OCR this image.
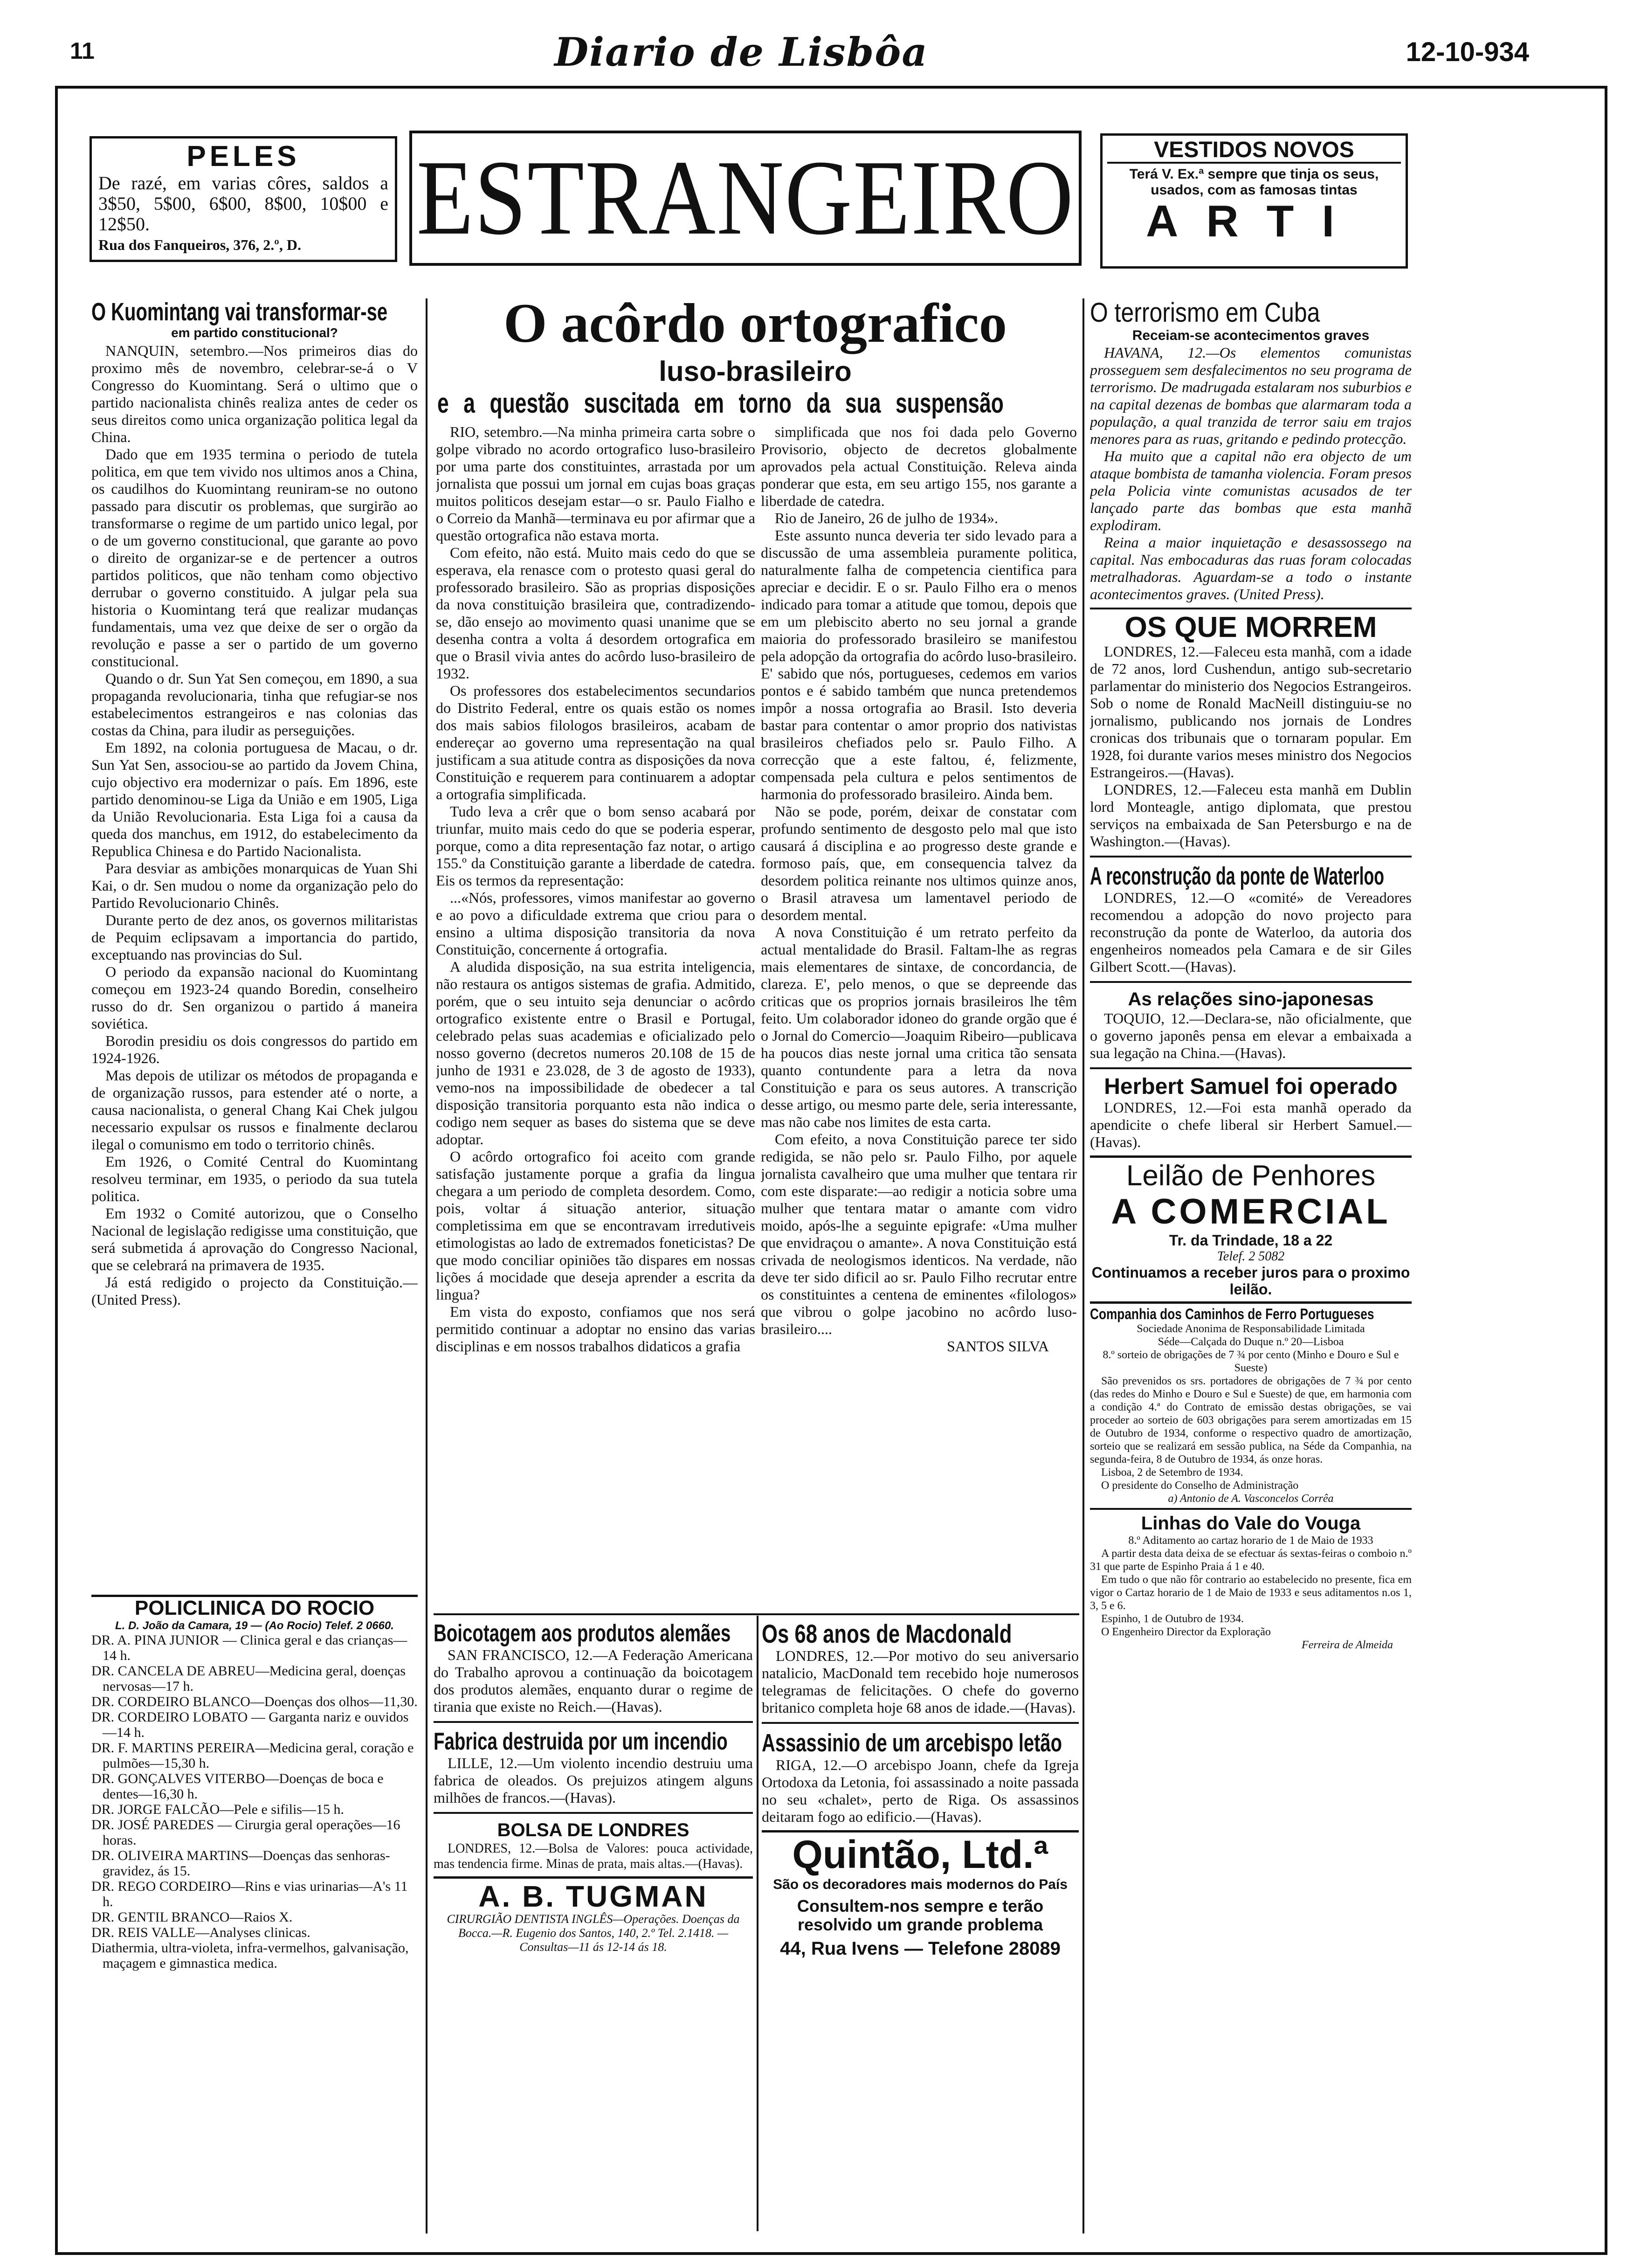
11	Diario de Lisbôa	12-10-934
PELES

De razé, em varias côres, saldos a 3$50, 5$00, 6$00, 8$00, 10$00 e 12$50.

Rua dos Fanqueiros, 376, 2.º, D.	ESTRANGEIRO	VESTIDOS NOVOS
Terá V. Ex.ª sempre que tinja os seus, usados, com as famosas tintas
ARTI
O Kuomintang vai transformar-se
em partido constitucional?

NANQUIN, setembro.—Nos primeiros dias do proximo mês de novembro, celebrar-se-á o V Congresso do Kuomintang. Será o ultimo que o partido nacionalista chinês realiza antes de ceder os seus direitos como unica organização politica legal da China.

Dado que em 1935 termina o periodo de tutela politica, em que tem vivido nos ultimos anos a China, os caudilhos do Kuomintang reuniram-se no outono passado para discutir os problemas, que surgirão ao transformarse o regime de um partido unico legal, por o de um governo constitucional, que garante ao povo o direito de organizar-se e de pertencer a outros partidos politicos, que não tenham como objectivo derrubar o governo constituido. A julgar pela sua historia o Kuomintang terá que realizar mudanças fundamentais, uma vez que deixe de ser o orgão da revolução e passe a ser o partido de um governo constitucional.

Quando o dr. Sun Yat Sen começou, em 1890, a sua propaganda revolucionaria, tinha que refugiar-se nos estabelecimentos estrangeiros e nas colonias das costas da China, para iludir as perseguições.

Em 1892, na colonia portuguesa de Macau, o dr. Sun Yat Sen, associou-se ao partido da Jovem China, cujo objectivo era modernizar o país. Em 1896, este partido denominou-se Liga da União e em 1905, Liga da União Revolucionaria. Esta Liga foi a causa da queda dos manchus, em 1912, do estabelecimento da Republica Chinesa e do Partido Nacionalista.

Para desviar as ambições monarquicas de Yuan Shi Kai, o dr. Sen mudou o nome da organização pelo do Partido Revolucionario Chinês.

Durante perto de dez anos, os governos militaristas de Pequim eclipsavam a importancia do partido, exceptuando nas provincias do Sul.

O periodo da expansão nacional do Kuomintang começou em 1923-24 quando Boredin, conselheiro russo do dr. Sen organizou o partido á maneira soviética.

Borodin presidiu os dois congressos do partido em 1924-1926.

Mas depois de utilizar os métodos de propaganda e de organização russos, para estender até o norte, a causa nacionalista, o general Chang Kai Chek julgou necessario expulsar os russos e finalmente declarou ilegal o comunismo em todo o territorio chinês.

Em 1926, o Comité Central do Kuomintang resolveu terminar, em 1935, o periodo da sua tutela politica.

Em 1932 o Comité autorizou, que o Conselho Nacional de legislação redigisse uma constituição, que será submetida á aprovação do Congresso Nacional, que se celebrará na primavera de 1935.

Já está redigido o projecto da Constituição.—(United Press).

POLICLINICA DO ROCIO
L. D. João da Camara, 19 — (Ao Rocio) Telef. 2 0660.
DR. A. PINA JUNIOR — Clinica geral e das crianças—14 h.
DR. CANCELA DE ABREU—Medicina geral, doenças nervosas—17 h.
DR. CORDEIRO BLANCO—Doenças dos olhos—11,30.
DR. CORDEIRO LOBATO — Garganta nariz e ouvidos—14 h.
DR. F. MARTINS PEREIRA—Medicina geral, coração e pulmões—15,30 h.
DR. GONÇALVES VITERBO—Doenças de boca e dentes—16,30 h.
DR. JORGE FALCÃO—Pele e sifilis—15 h.
DR. JOSÉ PAREDES — Cirurgia geral operações—16 horas.
DR. OLIVEIRA MARTINS—Doenças das senhoras-gravidez, ás 15.
DR. REGO CORDEIRO—Rins e vias urinarias—A's 11 h.
DR. GENTIL BRANCO—Raios X.
DR. REIS VALLE—Analyses clinicas.
Diathermia, ultra-violeta, infra-vermelhos, galvanisação, maçagem e gimnastica medica.
O acôrdo ortografico
luso-brasileiro
e a questão suscitada em torno da sua suspensão

RIO, setembro.—Na minha primeira carta sobre o golpe vibrado no acordo ortografico luso-brasileiro por uma parte dos constituintes, arrastada por um jornalista que possui um jornal em cujas boas graças muitos politicos desejam estar—o sr. Paulo Fialho e o Correio da Manhã—terminava eu por afirmar que a questão ortografica não estava morta.

Com efeito, não está. Muito mais cedo do que se esperava, ela renasce com o protesto quasi geral do professorado brasileiro. São as proprias disposições da nova constituição brasileira que, contradizendo-se, dão ensejo ao movimento quasi unanime que se desenha contra a volta á desordem ortografica em que o Brasil vivia antes do acôrdo luso-brasileiro de 1932.

Os professores dos estabelecimentos secundarios do Distrito Federal, entre os quais estão os nomes dos mais sabios filologos brasileiros, acabam de endereçar ao governo uma representação na qual justificam a sua atitude contra as disposições da nova Constituição e requerem para continuarem a adoptar a ortografia simplificada.

Tudo leva a crêr que o bom senso acabará por triunfar, muito mais cedo do que se poderia esperar, porque, como a dita representação faz notar, o artigo 155.º da Constituição garante a liberdade de catedra. Eis os termos da representação:

...«Nós, professores, vimos manifestar ao governo e ao povo a dificuldade extrema que criou para o ensino a ultima disposição transitoria da nova Constituição, concernente á ortografia.

A aludida disposição, na sua estrita inteligencia, não restaura os antigos sistemas de grafia. Admitido, porém, que o seu intuito seja denunciar o acôrdo ortografico existente entre o Brasil e Portugal, celebrado pelas suas academias e oficializado pelo nosso governo (decretos numeros 20.108 de 15 de junho de 1931 e 23.028, de 3 de agosto de 1933), vemo-nos na impossibilidade de obedecer a tal disposição transitoria porquanto esta não indica o codigo nem sequer as bases do sistema que se deve adoptar.

O acôrdo ortografico foi aceito com grande satisfação justamente porque a grafia da lingua chegara a um periodo de completa desordem. Como, pois, voltar á situação anterior, situação completissima em que se encontravam irredutiveis etimologistas ao lado de extremados foneticistas? De que modo conciliar opiniões tão dispares em nossas lições á mocidade que deseja aprender a escrita da lingua?

Em vista do exposto, confiamos que nos será permitido continuar a adoptar no ensino das varias disciplinas e em nossos trabalhos didaticos a grafia

simplificada que nos foi dada pelo Governo Provisorio, objecto de decretos globalmente aprovados pela actual Constituição. Releva ainda ponderar que esta, em seu artigo 155, nos garante a liberdade de catedra.

Rio de Janeiro, 26 de julho de 1934».

Este assunto nunca deveria ter sido levado para a discussão de uma assembleia puramente politica, naturalmente falha de competencia cientifica para apreciar e decidir. E o sr. Paulo Filho era o menos indicado para tomar a atitude que tomou, depois que em um plebiscito aberto no seu jornal a grande maioria do professorado brasileiro se manifestou pela adopção da ortografia do acôrdo luso-brasileiro. E' sabido que nós, portugueses, cedemos em varios pontos e é sabido também que nunca pretendemos impôr a nossa ortografia ao Brasil. Isto deveria bastar para contentar o amor proprio dos nativistas brasileiros chefiados pelo sr. Paulo Filho. A correcção que a este faltou, é, felizmente, compensada pela cultura e pelos sentimentos de harmonia do professorado brasileiro. Ainda bem.

Não se pode, porém, deixar de constatar com profundo sentimento de desgosto pelo mal que isto causará á disciplina e ao progresso deste grande e formoso país, que, em consequencia talvez da desordem politica reinante nos ultimos quinze anos, o Brasil atravesa um lamentavel periodo de desordem mental.

A nova Constituição é um retrato perfeito da actual mentalidade do Brasil. Faltam-lhe as regras mais elementares de sintaxe, de concordancia, de clareza. E', pelo menos, o que se depreende das criticas que os proprios jornais brasileiros lhe têm feito. Um colaborador idoneo do grande orgão que é o Jornal do Comercio—Joaquim Ribeiro—publicava ha poucos dias neste jornal uma critica tão sensata quanto contundente para a letra da nova Constituição e para os seus autores. A transcrição desse artigo, ou mesmo parte dele, seria interessante, mas não cabe nos limites de esta carta.

Com efeito, a nova Constituição parece ter sido redigida, se não pelo sr. Paulo Filho, por aquele jornalista cavalheiro que uma mulher que tentara rir com este disparate:—ao redigir a noticia sobre uma mulher que tentara matar o amante com vidro moido, após-lhe a seguinte epigrafe: «Uma mulher que envidraçou o amante». A nova Constituição está crivada de neologismos identicos. Na verdade, não deve ter sido dificil ao sr. Paulo Filho recrutar entre os constituintes a centena de eminentes «filologos» que vibrou o golpe jacobino no acôrdo luso-brasileiro....

SANTOS SILVA
Boicotagem aos produtos alemães

SAN FRANCISCO, 12.—A Federação Americana do Trabalho aprovou a continuação da boicotagem dos produtos alemães, enquanto durar o regime de tirania que existe no Reich.—(Havas).

Fabrica destruida por um incendio

LILLE, 12.—Um violento incendio destruiu uma fabrica de oleados. Os prejuizos atingem alguns milhões de francos.—(Havas).

BOLSA DE LONDRES

LONDRES, 12.—Bolsa de Valores: pouca actividade, mas tendencia firme. Minas de prata, mais altas.—(Havas).

A. B. TUGMAN

CIRURGIÃO DENTISTA INGLÊS—Operações. Doenças da Bocca.—R. Eugenio dos Santos, 140, 2.º Tel. 2.1418. — Consultas—11 ás 12-14 ás 18.

Os 68 anos de Macdonald

LONDRES, 12.—Por motivo do seu aniversario natalicio, MacDonald tem recebido hoje numerosos telegramas de felicitações. O chefe do governo britanico completa hoje 68 anos de idade.—(Havas).

Assassinio de um arcebispo letão

RIGA, 12.—O arcebispo Joann, chefe da Igreja Ortodoxa da Letonia, foi assassinado a noite passada no seu «chalet», perto de Riga. Os assassinos deitaram fogo ao edificio.—(Havas).

Quintão, Ltd.ª
São os decoradores mais modernos do País
Consultem-nos sempre e terão resolvido um grande problema
44, Rua Ivens — Telefone 28089
O terrorismo em Cuba
Receiam-se acontecimentos graves

HAVANA, 12.—Os elementos comunistas prosseguem sem desfalecimentos no seu programa de terrorismo. De madrugada estalaram nos suburbios e na capital dezenas de bombas que alarmaram toda a população, a qual tranzida de terror saiu em trajos menores para as ruas, gritando e pedindo protecção.

Ha muito que a capital não era objecto de um ataque bombista de tamanha violencia. Foram presos pela Policia vinte comunistas acusados de ter lançado parte das bombas que esta manhã explodiram.

Reina a maior inquietação e desassossego na capital. Nas embocaduras das ruas foram colocadas metralhadoras. Aguardam-se a todo o instante acontecimentos graves. (United Press).

OS QUE MORREM

LONDRES, 12.—Faleceu esta manhã, com a idade de 72 anos, lord Cushendun, antigo sub-secretario parlamentar do ministerio dos Negocios Estrangeiros. Sob o nome de Ronald MacNeill distinguiu-se no jornalismo, publicando nos jornais de Londres cronicas dos tribunais que o tornaram popular. Em 1928, foi durante varios meses ministro dos Negocios Estrangeiros.—(Havas).

LONDRES, 12.—Faleceu esta manhã em Dublin lord Monteagle, antigo diplomata, que prestou serviços na embaixada de San Petersburgo e na de Washington.—(Havas).

A reconstrução da ponte de Waterloo

LONDRES, 12.—O «comité» de Vereadores recomendou a adopção do novo projecto para reconstrução da ponte de Waterloo, da autoria dos engenheiros nomeados pela Camara e de sir Giles Gilbert Scott.—(Havas).

As relações sino-japonesas

TOQUIO, 12.—Declara-se, não oficialmente, que o governo japonês pensa em elevar a embaixada a sua legação na China.—(Havas).

Herbert Samuel foi operado

LONDRES, 12.—Foi esta manhã operado da apendicite o chefe liberal sir Herbert Samuel.—(Havas).

Leilão de Penhores
A COMERCIAL
Tr. da Trindade, 18 a 22
Telef. 2 5082
Continuamos a receber juros para o proximo leilão.
Companhia dos Caminhos de Ferro Portugueses
Sociedade Anonima de Responsabilidade Limitada
Séde—Calçada do Duque n.º 20—Lisboa
8.º sorteio de obrigações de 7 ¾ por cento (Minho e Douro e Sul e Sueste)

São prevenidos os srs. portadores de obrigações de 7 ¾ por cento (das redes do Minho e Douro e Sul e Sueste) de que, em harmonia com a condição 4.ª do Contrato de emissão destas obrigações, se vai proceder ao sorteio de 603 obrigações para serem amortizadas em 15 de Outubro de 1934, conforme o respectivo quadro de amortização, sorteio que se realizará em sessão publica, na Séde da Companhia, na segunda-feira, 8 de Outubro de 1934, ás onze horas.

Lisboa, 2 de Setembro de 1934.

O presidente do Conselho de Administração

a) Antonio de A. Vasconcelos Corrêa

Linhas do Vale do Vouga

8.º Aditamento ao cartaz horario de 1 de Maio de 1933

A partir desta data deixa de se efectuar ás sextas-feiras o comboio n.º 31 que parte de Espinho Praia á 1 e 40.

Em tudo o que não fôr contrario ao estabelecido no presente, fica em vigor o Cartaz horario de 1 de Maio de 1933 e seus aditamentos n.os 1, 3, 5 e 6.

Espinho, 1 de Outubro de 1934.

O Engenheiro Director da Exploração

Ferreira de Almeida
